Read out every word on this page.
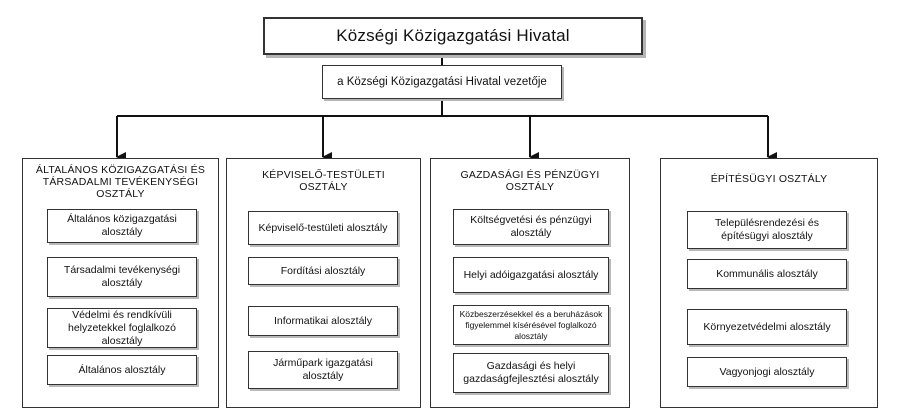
Községi Közigazgatási Hivatal
a Községi Közigazgatási Hivatal vezetője
ÁLTALÁNOS KÖZIGAZGATÁSI ÉS TÁRSADALMI TEVÉKENYSÉGI OSZTÁLY
Általános közigazgatási alosztály
Társadalmi tevékenységi alosztály
Védelmi és rendkívüli helyzetekkel foglalkozó alosztály
Általános alosztály
KÉPVISELŐ-TESTÜLETI OSZTÁLY
Képviselő-testületi alosztály
Fordítási alosztály
Informatikai alosztály
Járműpark igazgatási alosztály
GAZDASÁGI ÉS PÉNZÜGYI OSZTÁLY
Költségvetési és pénzügyi alosztály
Helyi adóigazgatási alosztály
Közbeszerzésekkel és a beruházások figyelemmel kísérésével foglalkozó alosztály
Gazdasági és helyi gazdaságfejlesztési alosztály
ÉPÍTÉSÜGYI OSZTÁLY
Településrendezési és építésügyi alosztály
Kommunális alosztály
Környezetvédelmi alosztály
Vagyonjogi alosztály
